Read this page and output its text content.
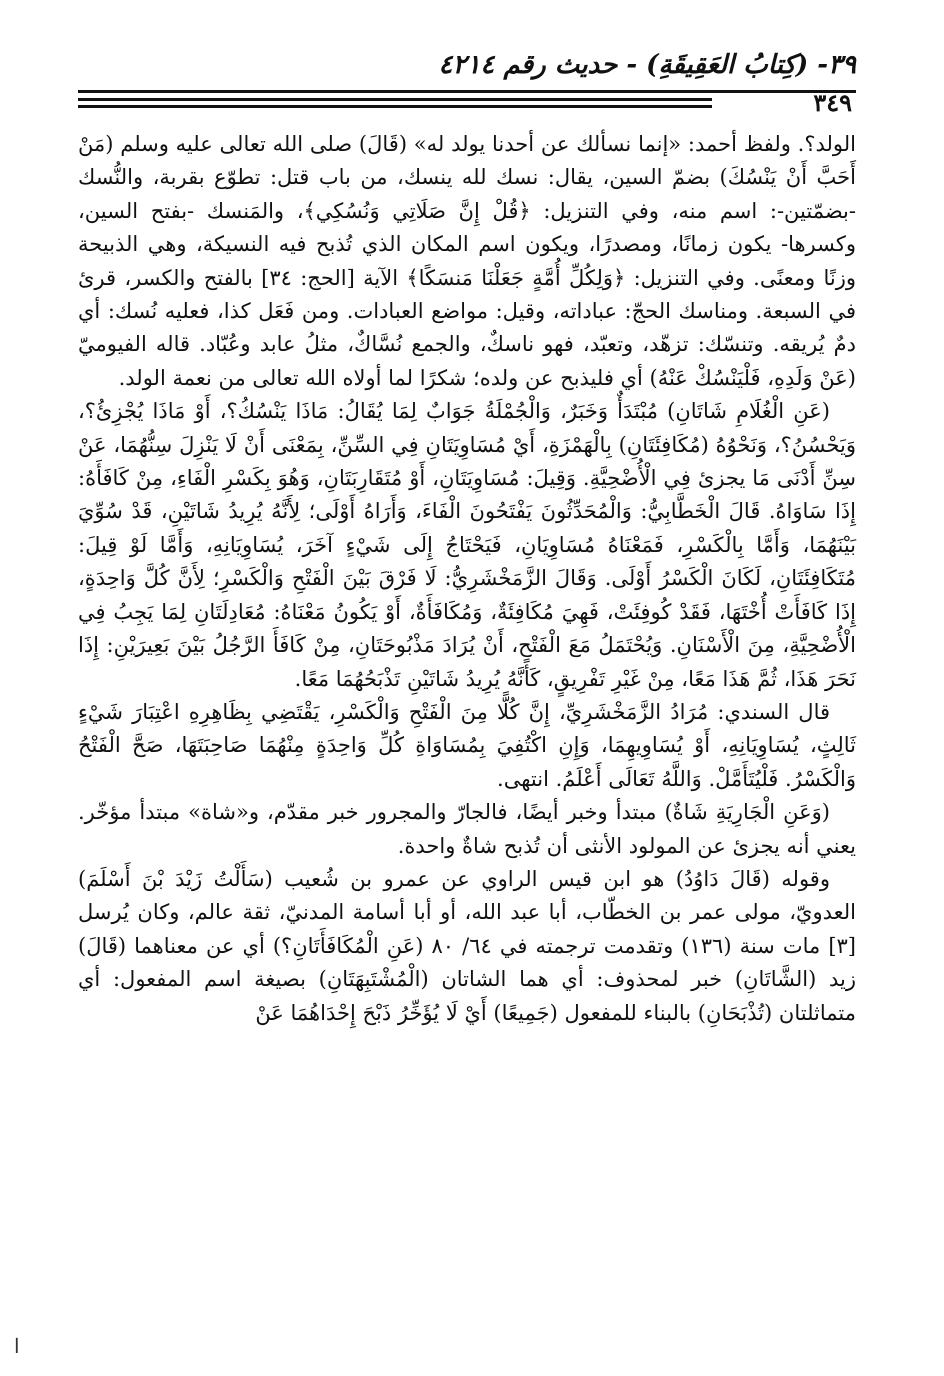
٣٩- (كِتابُ العَقِيقَةِ) - حديث رقم ٤٢١٤
٣٤٩

الولد؟. ولفظ أحمد: «إنما نسألك عن أحدنا يولد له» (قَالَ) صلى الله تعالى عليه وسلم (مَنْ أَحَبَّ أَنْ يَنْسُكَ) بضمّ السين، يقال: نسك لله ينسك، من باب قتل: تطوّع بقربة، والنُّسك -بضمّتين-: اسم منه، وفي التنزيل: ﴿قُلْ إِنَّ صَلَاتِي وَنُسُكِي﴾، والمَنسك -بفتح السين، وكسرها- يكون زمانًا، ومصدرًا، ويكون اسم المكان الذي تُذبح فيه النسيكة، وهي الذبيحة وزنًا ومعنًى. وفي التنزيل: ﴿وَلِكُلِّ أُمَّةٍ جَعَلْنَا مَنسَكًا﴾ الآية [الحج: ٣٤] بالفتح والكسر، قرئ في السبعة. ومناسك الحجّ: عباداته، وقيل: مواضع العبادات. ومن فَعَل كذا، فعليه نُسك: أي دمٌ يُريقه. وتنسّك: تزهّد، وتعبّد، فهو ناسكٌ، والجمع نُسَّاكٌ، مثلُ عابد وعُبّاد. قاله الفيوميّ (عَنْ وَلَدِهِ، فَلْيَنْسُكْ عَنْهُ) أي فليذبح عن ولده؛ شكرًا لما أولاه الله تعالى من نعمة الولد.

(عَنِ الْغُلَامِ شَاتَانِ) مُبْتَدَأٌ وَخَبَرٌ، وَالْجُمْلَةُ جَوَابٌ لِمَا يُقَالُ: مَاذَا يَنْسُكُ؟، أَوْ مَاذَا يُجْزِئُ؟، وَيَحْسُنُ؟، وَنَحْوُهُ (مُكَافِئَتَانِ) بِالْهَمْزَةِ، أَيْ مُسَاوِيَتَانِ فِي السِّنِّ، بِمَعْنَى أَنْ لَا يَنْزِلَ سِنُّهُمَا، عَنْ سِنِّ أَدْنَى مَا يجزئ فِي الْأُضْحِيَّةِ. وَقِيلَ: مُسَاوِيَتَانِ، أَوْ مُتَقَارِبَتَانِ، وَهُوَ بِكَسْرِ الْفَاءِ، مِنْ كَافَأَهُ: إِذَا سَاوَاهُ. قَالَ الْخَطَّابِيُّ: وَالْمُحَدِّثُونَ يَفْتَحُونَ الْفَاءَ، وَأَرَاهُ أَوْلَى؛ لِأَنَّهُ يُرِيدُ شَاتَيْنِ، قَدْ سُوِّيَ بَيْنَهُمَا، وَأَمَّا بِالْكَسْرِ، فَمَعْنَاهُ مُسَاوِيَانِ، فَيَحْتَاجُ إِلَى شَيْءٍ آخَرَ، يُسَاوِيَانِهِ، وَأَمَّا لَوْ قِيلَ: مُتَكَافِئَتَانِ، لَكَانَ الْكَسْرُ أَوْلَى. وَقَالَ الزَّمَخْشَرِيُّ: لَا فَرْقَ بَيْنَ الْفَتْحِ وَالْكَسْرِ؛ لِأَنَّ كُلَّ وَاحِدَةٍ، إِذَا كَافَأَتْ أُخْتَهَا، فَقَدْ كُوفِئَتْ، فَهِيَ مُكَافِئَةٌ، وَمُكَافَأَةٌ، أَوْ يَكُونُ مَعْنَاهُ: مُعَادِلَتَانِ لِمَا يَجِبُ فِي الْأُضْحِيَّةِ، مِنَ الْأَسْنَانِ. وَيُحْتَمَلُ مَعَ الْفَتْحِ، أَنْ يُرَادَ مَذْبُوحَتَانِ، مِنْ كَافَأَ الرَّجُلُ بَيْنَ بَعِيرَيْنِ: إِذَا نَحَرَ هَذَا، ثُمَّ هَذَا مَعًا، مِنْ غَيْرِ تَفْرِيقٍ، كَأَنَّهُ يُرِيدُ شَاتَيْنِ تَذْبَحُهُمَا مَعًا.

قال السندي: مُرَادُ الزَّمَخْشَرِيِّ، إِنَّ كُلًّا مِنَ الْفَتْحِ وَالْكَسْرِ، يَقْتَضِي بِظَاهِرِهِ اعْتِبَارَ شَيْءٍ ثَالِثٍ، يُسَاوِيَانِهِ، أَوْ يُسَاوِيهِمَا، وَإِنِ اكْتُفِيَ بِمُسَاوَاةِ كُلِّ وَاحِدَةٍ مِنْهُمَا صَاحِبَتَهَا، صَحَّ الْفَتْحُ وَالْكَسْرُ. فَلْيُتَأَمَّلْ. وَاللَّهُ تَعَالَى أَعْلَمُ. انتهى.

(وَعَنِ الْجَارِيَةِ شَاةٌ) مبتدأ وخبر أيضًا، فالجارّ والمجرور خبر مقدّم، و«شاة» مبتدأ مؤخّر. يعني أنه يجزئ عن المولود الأنثى أن تُذبح شاةٌ واحدة.

وقوله (قَالَ دَاوُدُ) هو ابن قيس الراوي عن عمرو بن شُعيب (سَأَلْتُ زَيْدَ بْنَ أَسْلَمَ) العدويّ، مولى عمر بن الخطّاب، أبا عبد الله، أو أبا أسامة المدنيّ، ثقة عالم، وكان يُرسل [٣] مات سنة (١٣٦) وتقدمت ترجمته في ٦٤/ ٨٠ (عَنِ الْمُكَافَأَتَانِ؟) أي عن معناهما (قَالَ) زيد (الشَّاتَانِ) خبر لمحذوف: أي هما الشاتان (الْمُشْتَبِهَتَانِ) بصيغة اسم المفعول: أي متماثلتان (تُذْبَحَانِ) بالبناء للمفعول (جَمِيعًا) أَيْ لَا يُؤَخِّرُ ذَبْحَ إِحْدَاهُمَا عَنْ

ا
